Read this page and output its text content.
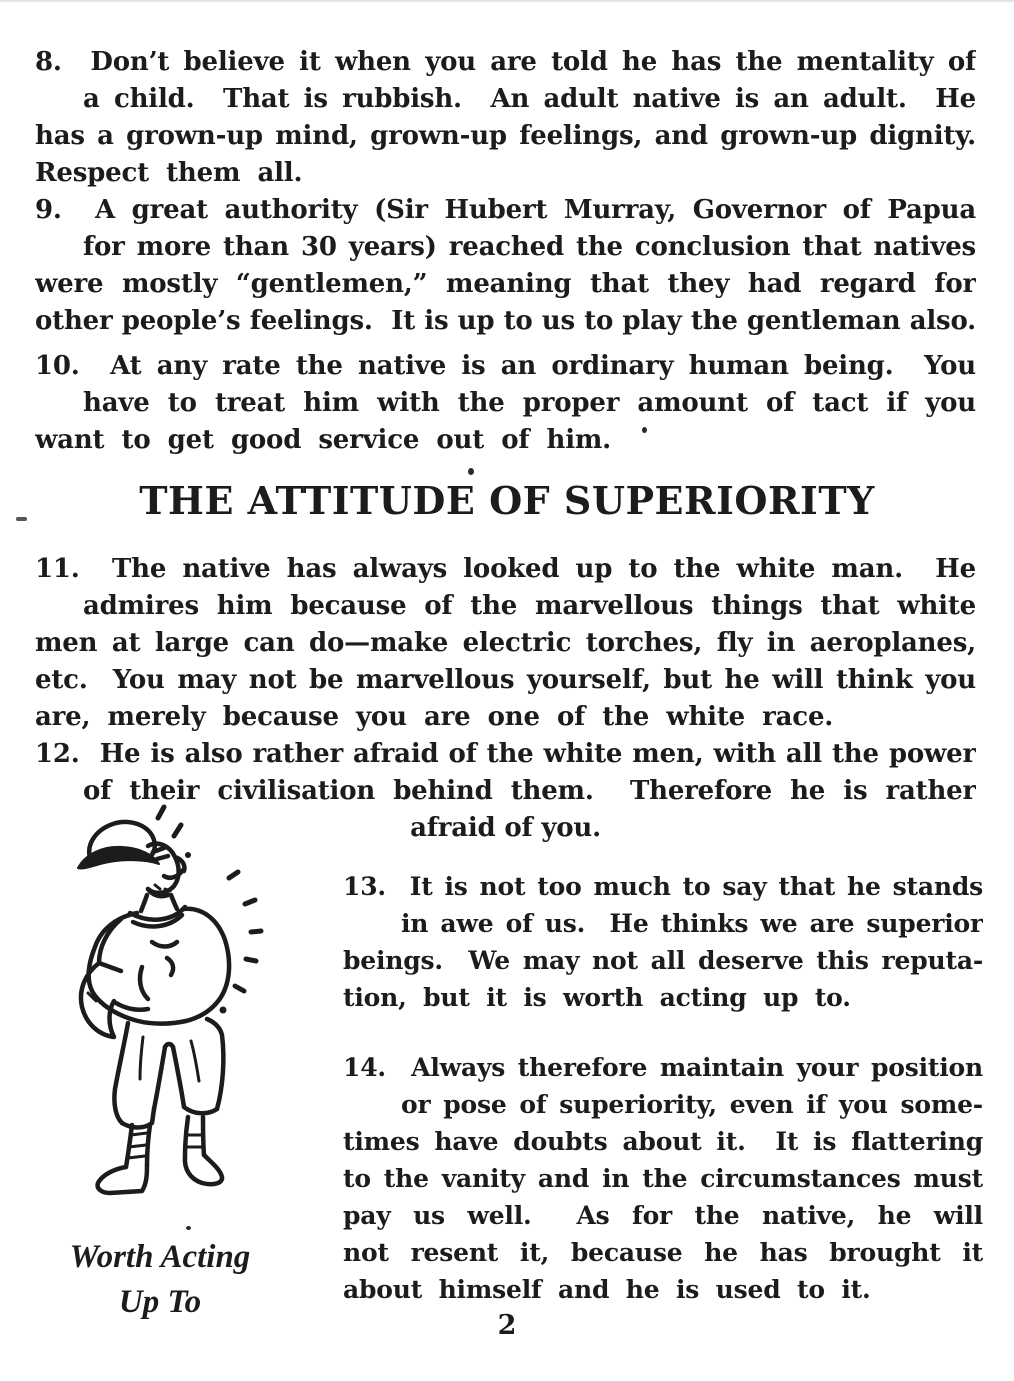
8.  Don’t believe it when you are told he has the mentality of
a child.  That is rubbish.  An adult native is an adult.  He
has a grown-up mind, grown-up feelings, and grown-up dignity.
Respect them all.
9.  A great authority (Sir Hubert Murray, Governor of Papua
for more than 30 years) reached the conclusion that natives
were mostly “gentlemen,” meaning that they had regard for
other people’s feelings.  It is up to us to play the gentleman also.
10.  At any rate the native is an ordinary human being.  You
have to treat him with the proper amount of tact if you
want to get good service out of him.
THE ATTITUDE OF SUPERIORITY
11.  The native has always looked up to the white man.  He
admires him because of the marvellous things that white
men at large can do—make electric torches, fly in aeroplanes,
etc.  You may not be marvellous yourself, but he will think you
are, merely because you are one of the white race.
12.  He is also rather afraid of the white men, with all the power
of their civilisation behind them.  Therefore he is rather
afraid of you.
13.  It is not too much to say that he stands
in awe of us.  He thinks we are superior
beings.  We may not all deserve this reputa-
tion, but it is worth acting up to.
14.  Always therefore maintain your position
or pose of superiority, even if you some-
times have doubts about it.  It is flattering
to the vanity and in the circumstances must
pay us well.  As for the native, he will
not resent it, because he has brought it
about himself and he is used to it.
Worth Acting
Up To
2
